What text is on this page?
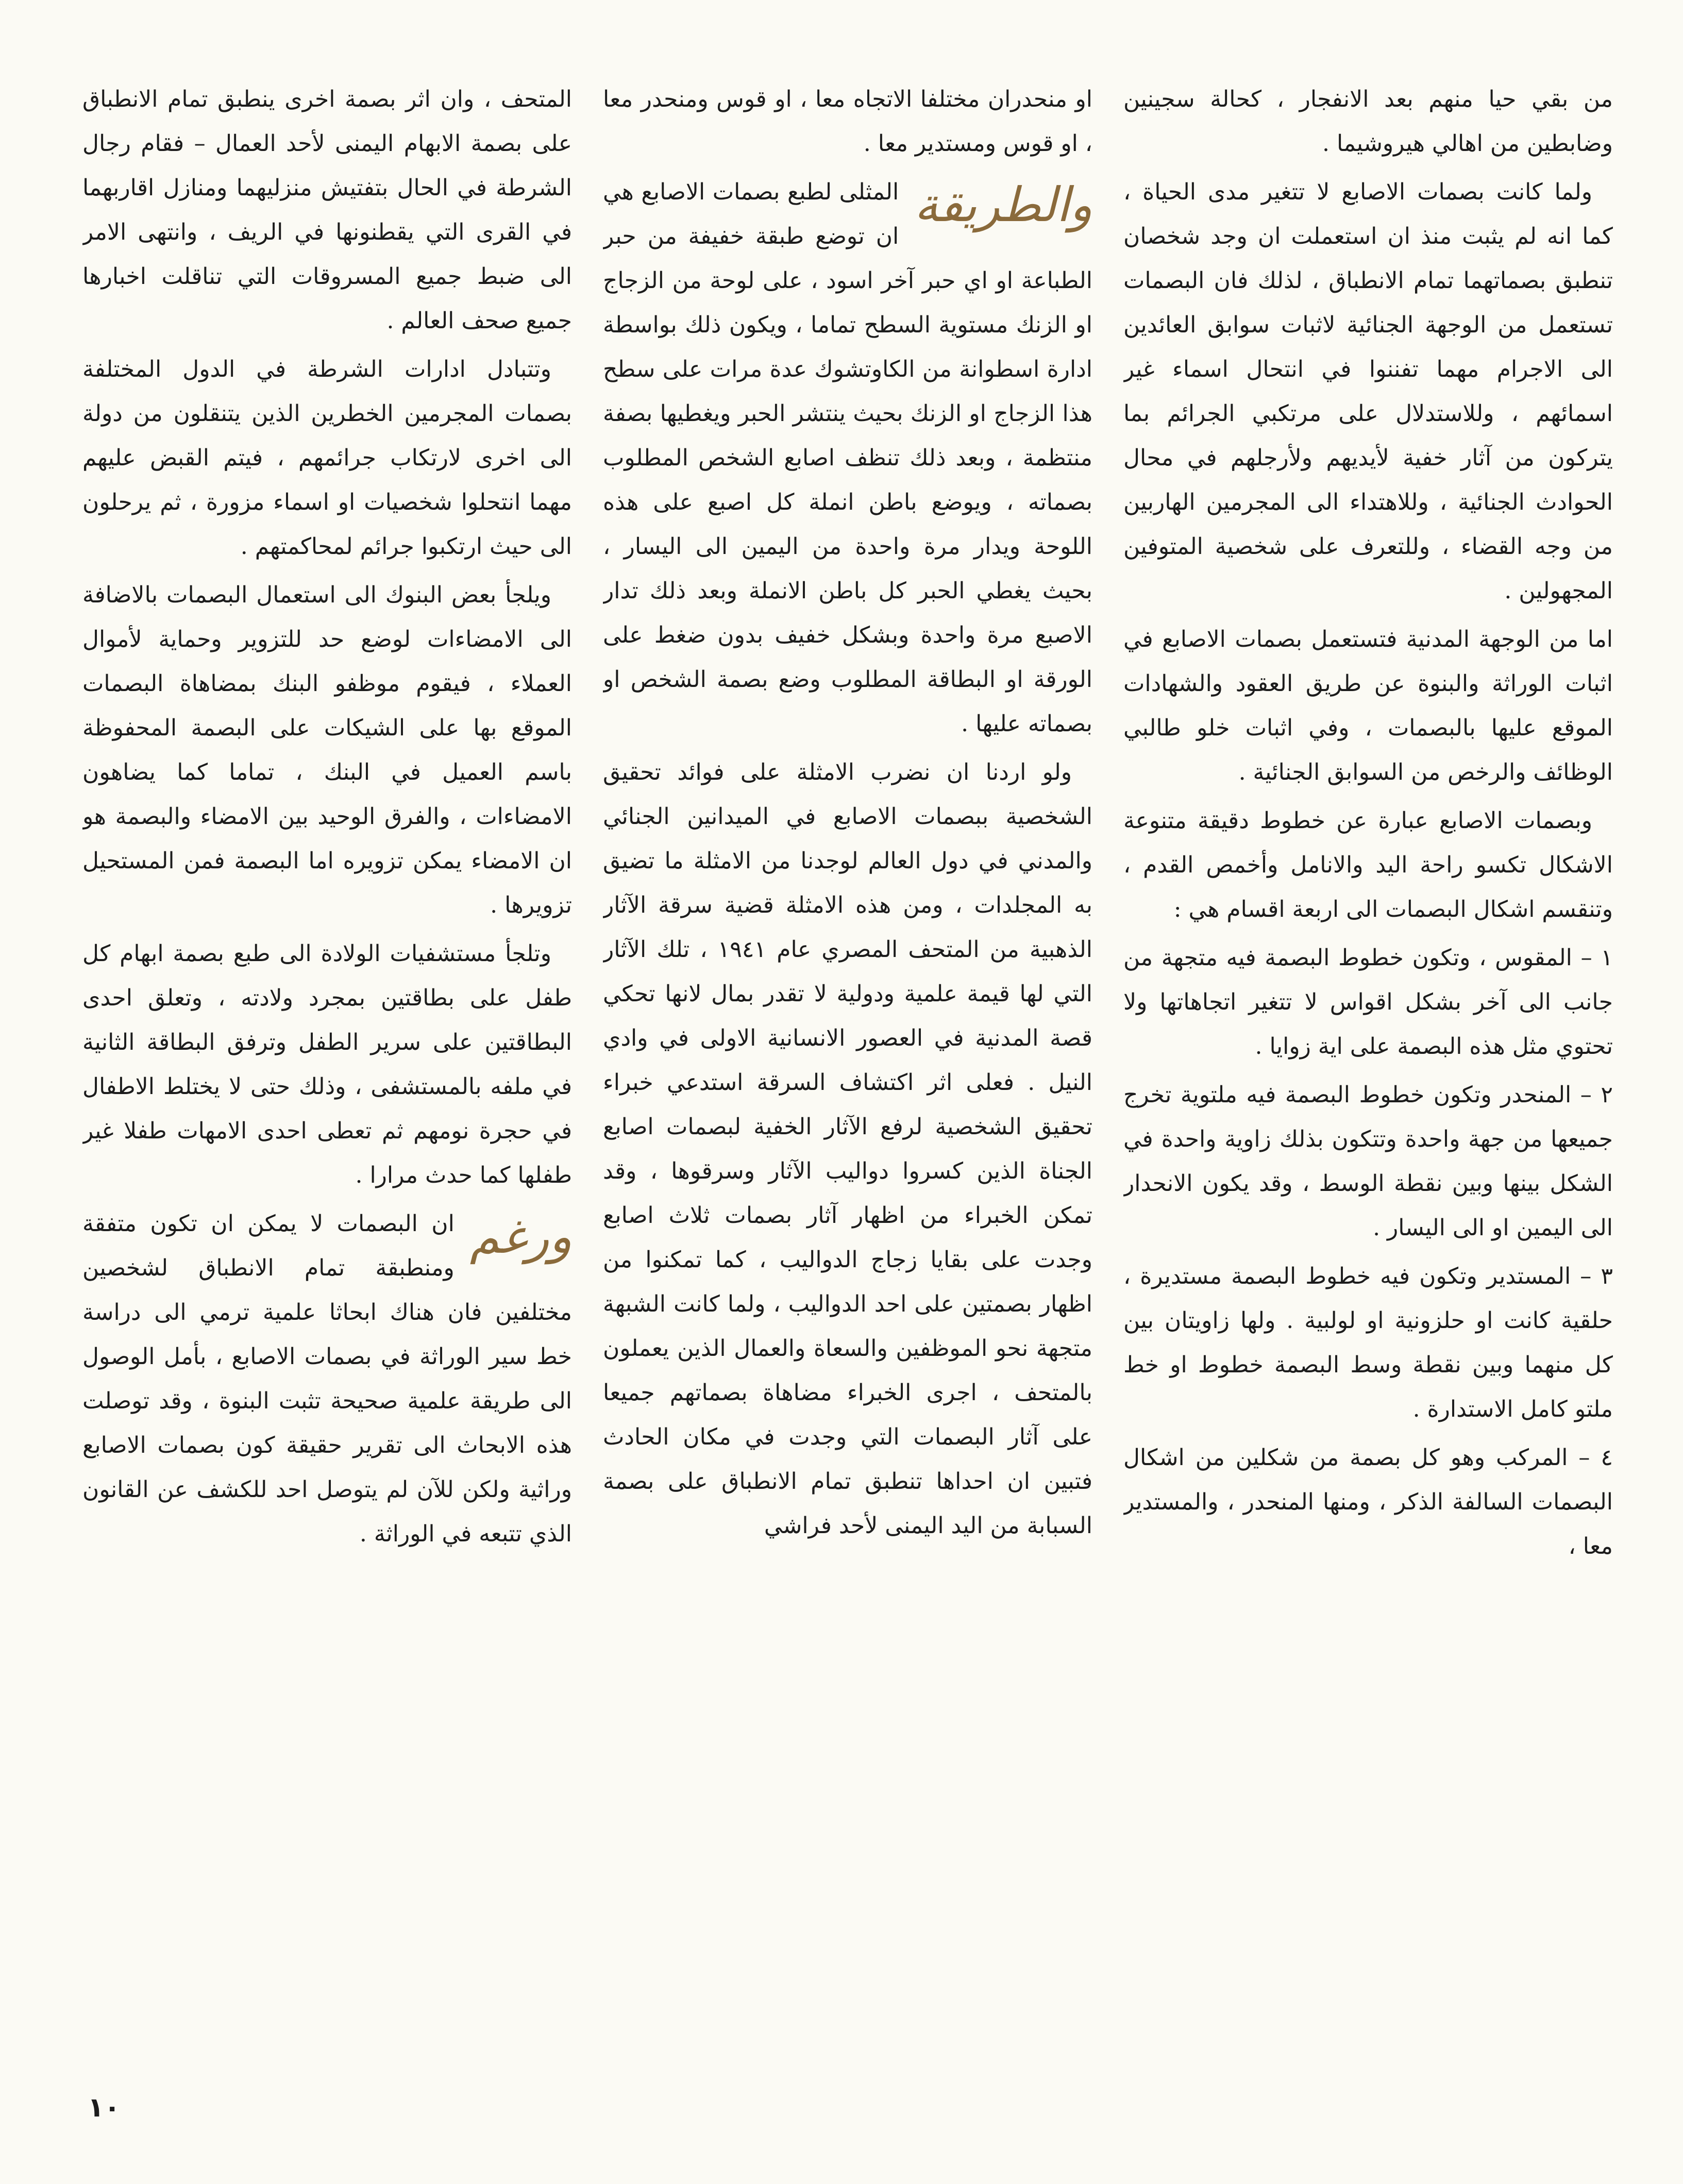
من بقي حيا منهم بعد الانفجار ، كحالة سجينين وضابطين من اهالي هيروشيما .

ولما كانت بصمات الاصابع لا تتغير مدى الحياة ، كما انه لم يثبت منذ ان استعملت ان وجد شخصان تنطبق بصماتهما تمام الانطباق ، لذلك فان البصمات تستعمل من الوجهة الجنائية لاثبات سوابق العائدين الى الاجرام مهما تفننوا في انتحال اسماء غير اسمائهم ، وللاستدلال على مرتكبي الجرائم بما يتركون من آثار خفية لأيديهم ولأرجلهم في محال الحوادث الجنائية ، وللاهتداء الى المجرمين الهاربين من وجه القضاء ، وللتعرف على شخصية المتوفين المجهولين .

اما من الوجهة المدنية فتستعمل بصمات الاصابع في اثبات الوراثة والبنوة عن طريق العقود والشهادات الموقع عليها بالبصمات ، وفي اثبات خلو طالبي الوظائف والرخص من السوابق الجنائية .

وبصمات الاصابع عبارة عن خطوط دقيقة متنوعة الاشكال تكسو راحة اليد والانامل وأخمص القدم ، وتنقسم اشكال البصمات الى اربعة اقسام هي :

١ – المقوس ، وتكون خطوط البصمة فيه متجهة من جانب الى آخر بشكل اقواس لا تتغير اتجاهاتها ولا تحتوي مثل هذه البصمة على اية زوايا .

٢ – المنحدر وتكون خطوط البصمة فيه ملتوية تخرج جميعها من جهة واحدة وتتكون بذلك زاوية واحدة في الشكل بينها وبين نقطة الوسط ، وقد يكون الانحدار الى اليمين او الى اليسار .

٣ – المستدير وتكون فيه خطوط البصمة مستديرة ، حلقية كانت او حلزونية او لولبية . ولها زاويتان بين كل منهما وبين نقطة وسط البصمة خطوط او خط ملتو كامل الاستدارة .

٤ – المركب وهو كل بصمة من شكلين من اشكال البصمات السالفة الذكر ، ومنها المنحدر ، والمستدير معا ،

او منحدران مختلفا الاتجاه معا ، او قوس ومنحدر معا ، او قوس ومستدير معا .

والطريقة

المثلى لطبع بصمات الاصابع هي ان توضع طبقة خفيفة من حبر الطباعة او اي حبر آخر اسود ، على لوحة من الزجاج او الزنك مستوية السطح تماما ، ويكون ذلك بواسطة ادارة اسطوانة من الكاوتشوك عدة مرات على سطح هذا الزجاج او الزنك بحيث ينتشر الحبر ويغطيها بصفة منتظمة ، وبعد ذلك تنظف اصابع الشخص المطلوب بصماته ، ويوضع باطن انملة كل اصبع على هذه اللوحة ويدار مرة واحدة من اليمين الى اليسار ، بحيث يغطي الحبر كل باطن الانملة وبعد ذلك تدار الاصبع مرة واحدة وبشكل خفيف بدون ضغط على الورقة او البطاقة المطلوب وضع بصمة الشخص او بصماته عليها .

ولو اردنا ان نضرب الامثلة على فوائد تحقيق الشخصية ببصمات الاصابع في الميدانين الجنائي والمدني في دول العالم لوجدنا من الامثلة ما تضيق به المجلدات ، ومن هذه الامثلة قضية سرقة الآثار الذهبية من المتحف المصري عام ١٩٤١ ، تلك الآثار التي لها قيمة علمية ودولية لا تقدر بمال لانها تحكي قصة المدنية في العصور الانسانية الاولى في وادي النيل . فعلى اثر اكتشاف السرقة استدعي خبراء تحقيق الشخصية لرفع الآثار الخفية لبصمات اصابع الجناة الذين كسروا دواليب الآثار وسرقوها ، وقد تمكن الخبراء من اظهار آثار بصمات ثلاث اصابع وجدت على بقايا زجاج الدواليب ، كما تمكنوا من اظهار بصمتين على احد الدواليب ، ولما كانت الشبهة متجهة نحو الموظفين والسعاة والعمال الذين يعملون بالمتحف ، اجرى الخبراء مضاهاة بصماتهم جميعا على آثار البصمات التي وجدت في مكان الحادث فتبين ان احداها تنطبق تمام الانطباق على بصمة السبابة من اليد اليمنى لأحد فراشي

المتحف ، وان اثر بصمة اخرى ينطبق تمام الانطباق على بصمة الابهام اليمنى لأحد العمال – فقام رجال الشرطة في الحال بتفتيش منزليهما ومنازل اقاربهما في القرى التي يقطنونها في الريف ، وانتهى الامر الى ضبط جميع المسروقات التي تناقلت اخبارها جميع صحف العالم .

وتتبادل ادارات الشرطة في الدول المختلفة بصمات المجرمين الخطرين الذين يتنقلون من دولة الى اخرى لارتكاب جرائمهم ، فيتم القبض عليهم مهما انتحلوا شخصيات او اسماء مزورة ، ثم يرحلون الى حيث ارتكبوا جرائم لمحاكمتهم .

ويلجأ بعض البنوك الى استعمال البصمات بالاضافة الى الامضاءات لوضع حد للتزوير وحماية لأموال العملاء ، فيقوم موظفو البنك بمضاهاة البصمات الموقع بها على الشيكات على البصمة المحفوظة باسم العميل في البنك ، تماما كما يضاهون الامضاءات ، والفرق الوحيد بين الامضاء والبصمة هو ان الامضاء يمكن تزويره اما البصمة فمن المستحيل تزويرها .

وتلجأ مستشفيات الولادة الى طبع بصمة ابهام كل طفل على بطاقتين بمجرد ولادته ، وتعلق احدى البطاقتين على سرير الطفل وترفق البطاقة الثانية في ملفه بالمستشفى ، وذلك حتى لا يختلط الاطفال في حجرة نومهم ثم تعطى احدى الامهات طفلا غير طفلها كما حدث مرارا .

ورغم

ان البصمات لا يمكن ان تكون متفقة ومنطبقة تمام الانطباق لشخصين مختلفين فان هناك ابحاثا علمية ترمي الى دراسة خط سير الوراثة في بصمات الاصابع ، بأمل الوصول الى طريقة علمية صحيحة تثبت البنوة ، وقد توصلت هذه الابحاث الى تقرير حقيقة كون بصمات الاصابع وراثية ولكن للآن لم يتوصل احد للكشف عن القانون الذي تتبعه في الوراثة .

١٠
